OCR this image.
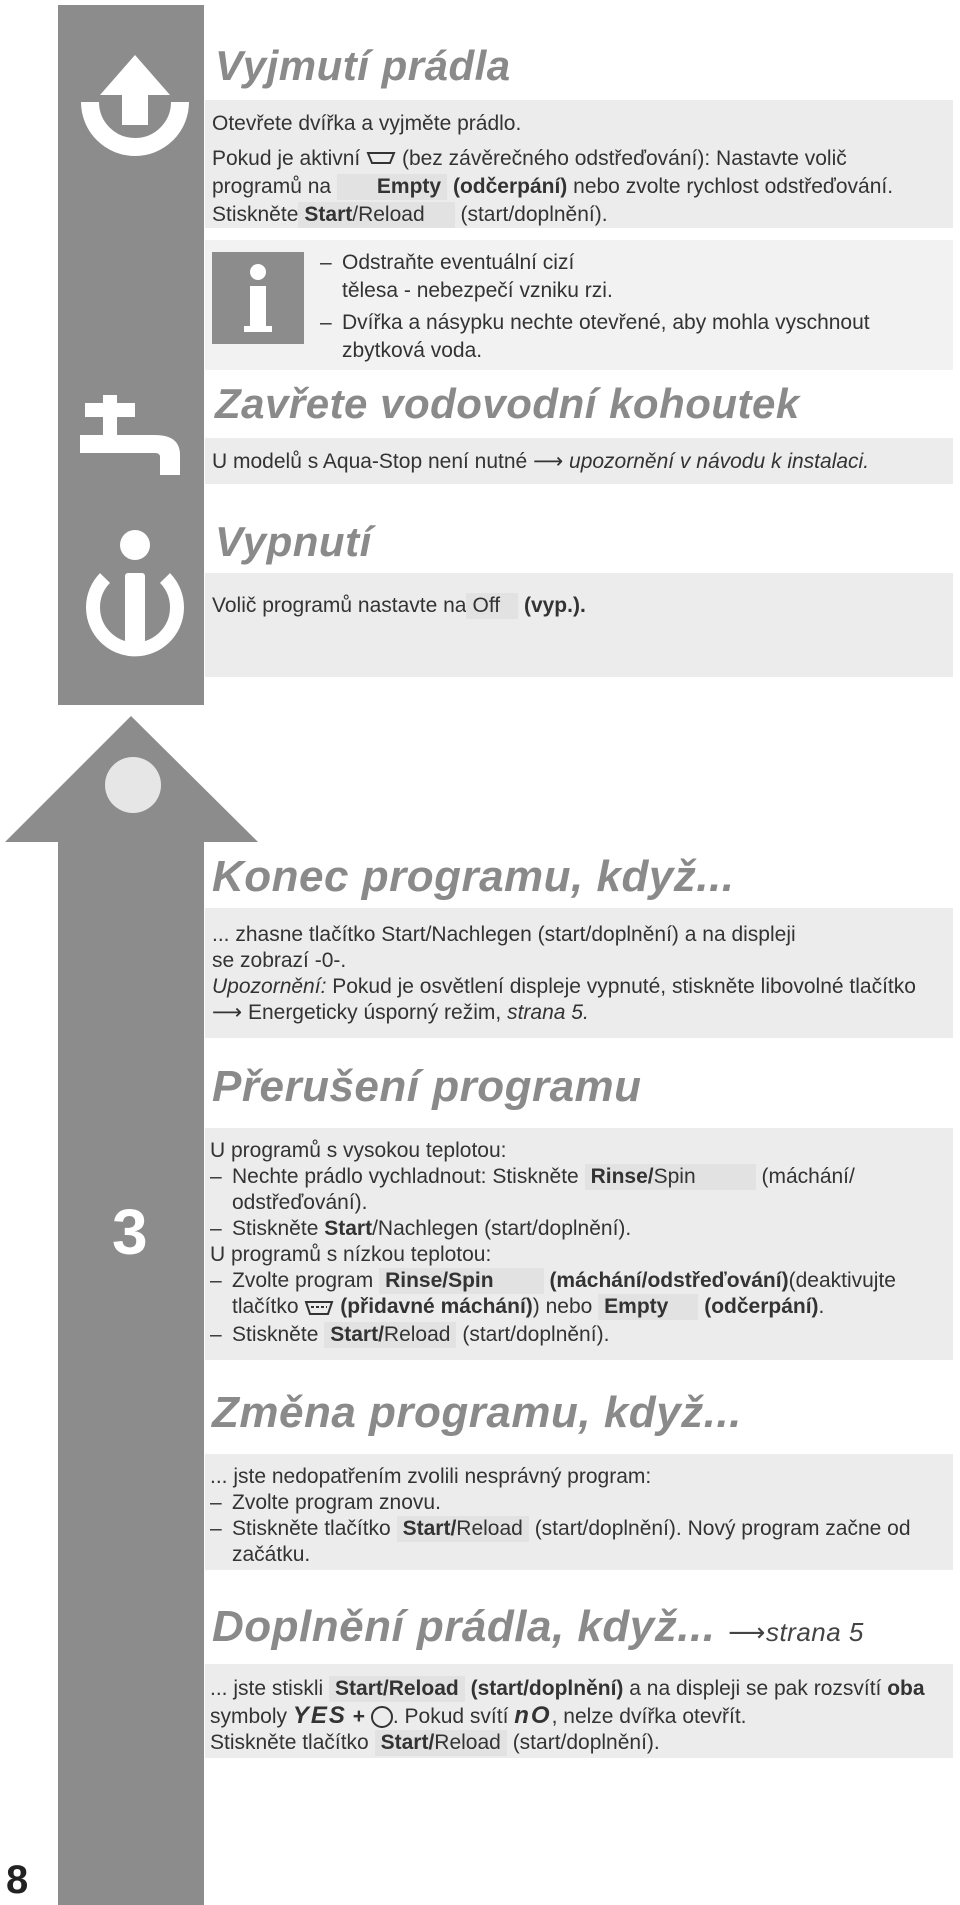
3
Vyjmutí prádla
Otevřete dvířka a vyjměte prádlo.
Pokud je aktivní (bez závěrečného odstřeďování): Nastavte volič
programů na Empty (odčerpání) nebo zvolte rychlost odstřeďování.
Stiskněte Start/Reload (start/doplnění).
– Odstraňte eventuální cizí
tělesa - nebezpečí vzniku rzi.
– Dvířka a násypku nechte otevřené, aby mohla vyschnout
zbytková voda.
Zavřete vodovodní kohoutek
U modelů s Aqua-Stop není nutné ⟶ upozornění v návodu k instalaci.
Vypnutí
Volič programů nastavte na Off (vyp.).
Konec programu, když...
... zhasne tlačítko Start/Nachlegen (start/doplnění) a na displeji
se zobrazí -0-.
Upozornění: Pokud je osvětlení displeje vypnuté, stiskněte libovolné tlačítko
⟶ Energeticky úsporný režim, strana 5.
Přerušení programu
U programů s vysokou teplotou:
– Nechte prádlo vychladnout: Stiskněte Rinse/Spin	(máchání/
odstřeďování).
– Stiskněte Start/Nachlegen (start/doplnění).
U programů s nízkou teplotou:
– Zvolte program Rinse/Spin	(máchání/odstřeďování)(deaktivujte
tlačítko (přidavné máchání)) nebo Empty (odčerpání).
– Stiskněte Start/Reload (start/doplnění).
Změna programu, když...
... jste nedopatřením zvolili nesprávný program:
– Zvolte program znovu.
– Stiskněte tlačítko Start/Reload (start/doplnění). Nový program začne od
začátku.
Doplnění prádla, když... ⟶strana 5
... jste stiskli Start/Reload (start/doplnění) a na displeji se pak rozsvítí oba
symboly YES + . Pokud svítí nO, nelze dvířka otevřít.
Stiskněte tlačítko Start/Reload (start/doplnění).
8
